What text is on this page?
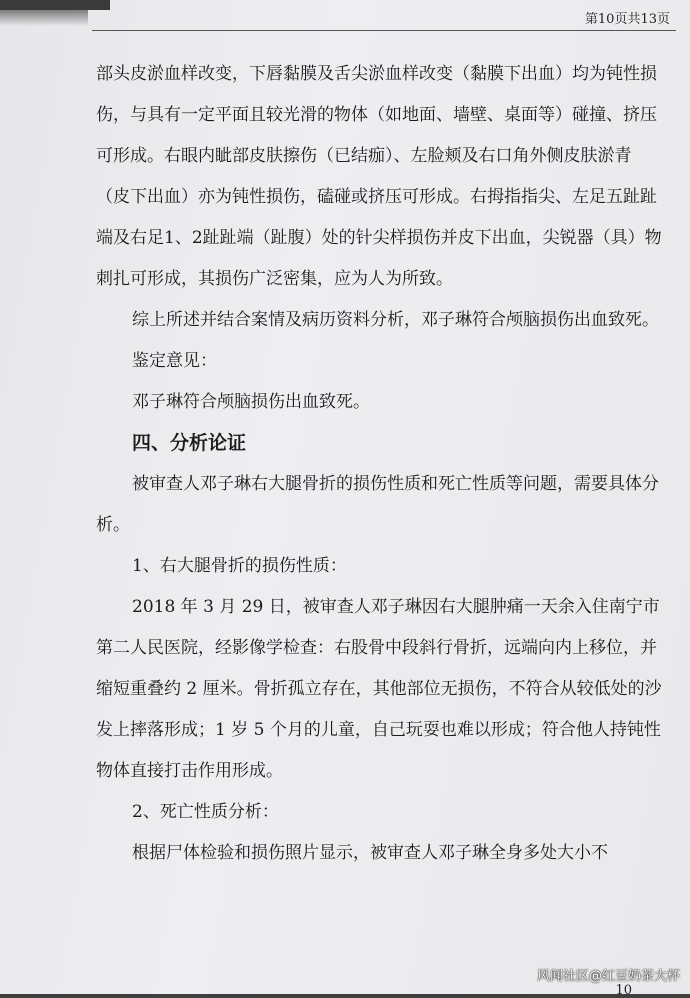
第10页共13页

部头皮淤血样改变，下唇黏膜及舌尖淤血样改变（黏膜下出血）均为钝性损伤，与具有一定平面且较光滑的物体（如地面、墙壁、桌面等）碰撞、挤压可形成。右眼内眦部皮肤擦伤（已结痂）、左脸颊及右口角外侧皮肤淤青（皮下出血）亦为钝性损伤，磕碰或挤压可形成。右拇指指尖、左足五趾趾端及右足1、2趾趾端（趾腹）处的针尖样损伤并皮下出血，尖锐器（具）物刺扎可形成，其损伤广泛密集，应为人为所致。

综上所述并结合案情及病历资料分析，邓子琳符合颅脑损伤出血致死。

鉴定意见：

邓子琳符合颅脑损伤出血致死。

四、分析论证

被审查人邓子琳右大腿骨折的损伤性质和死亡性质等问题，需要具体分析。

1、右大腿骨折的损伤性质：

2018 年 3 月 29 日，被审查人邓子琳因右大腿肿痛一天余入住南宁市第二人民医院，经影像学检查：右股骨中段斜行骨折，远端向内上移位，并缩短重叠约 2 厘米。骨折孤立存在，其他部位无损伤，不符合从较低处的沙发上摔落形成；1 岁 5 个月的儿童，自己玩耍也难以形成；符合他人持钝性物体直接打击作用形成。

2、死亡性质分析：

根据尸体检验和损伤照片显示，被审查人邓子琳全身多处大小不

10
风闻社区@红豆奶茶大杯
